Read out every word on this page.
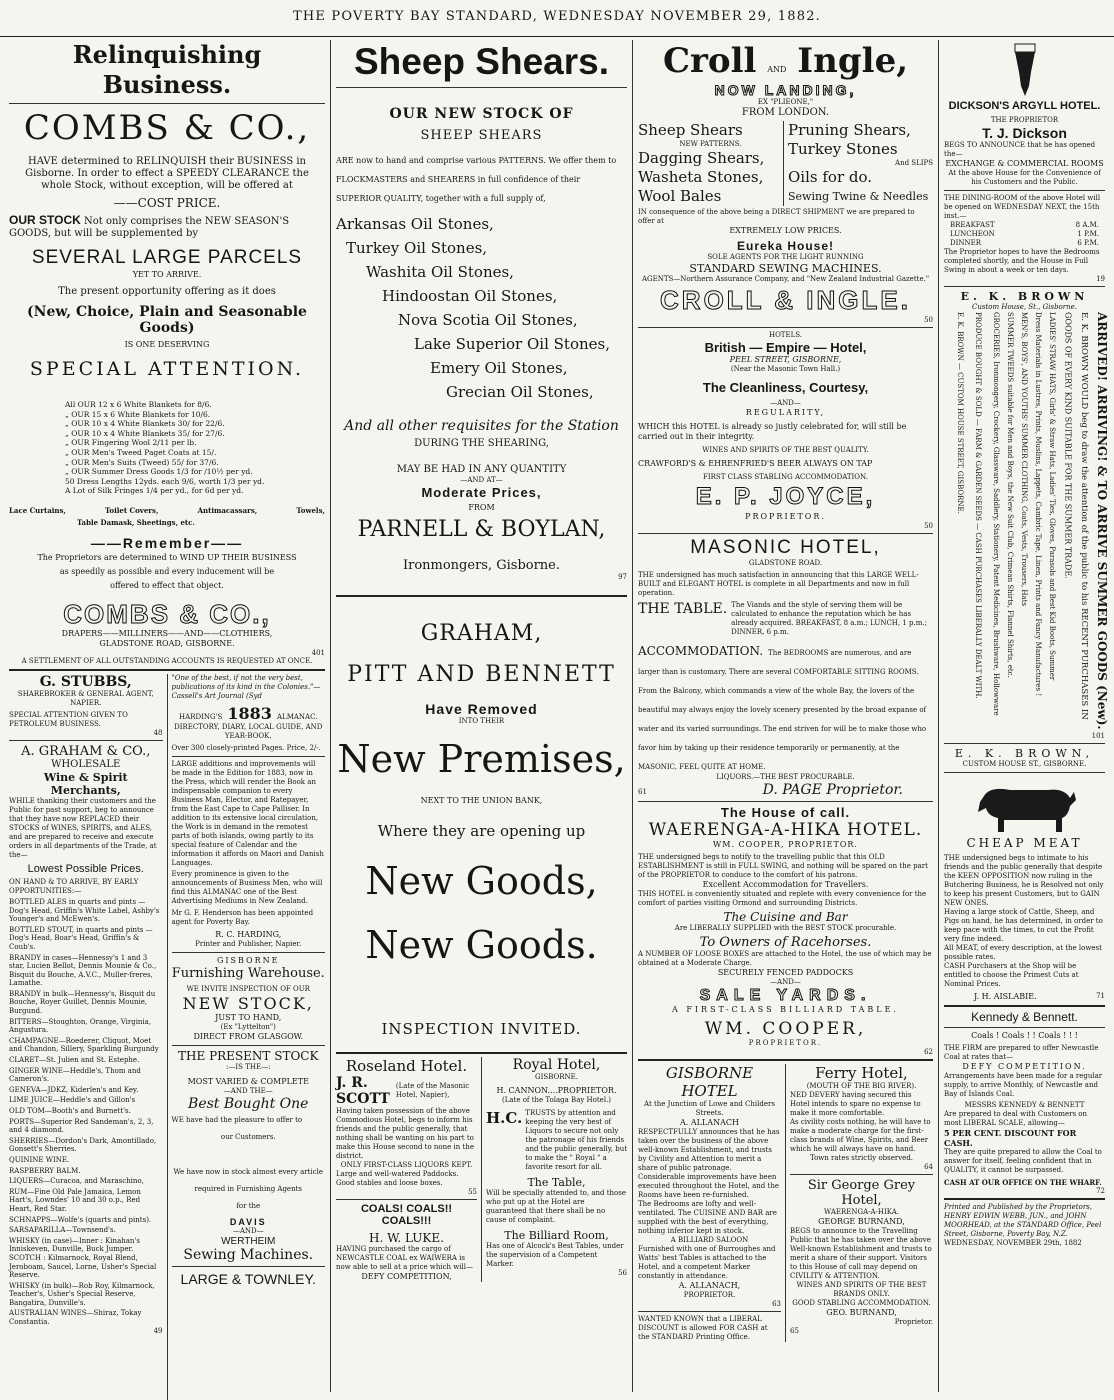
THE POVERTY BAY STANDARD, WEDNESDAY NOVEMBER 29, 1882.
Relinquishing Business.
COMBS & CO.,
HAVE determined to RELINQUISH their BUSINESS in Gisborne. In order to effect a SPEEDY CLEARANCE the whole Stock, without exception, will be offered at
——COST PRICE.
OUR STOCK Not only comprises the NEW SEASON'S GOODS, but will be supplemented by
SEVERAL LARGE PARCELS
YET TO ARRIVE.
The present opportunity offering as it does
(New, Choice, Plain and Seasonable Goods)
IS ONE DESERVING
SPECIAL ATTENTION.
All OUR 12 x 6 White Blankets for 8/6.
„ OUR 15 x 6 White Blankets for 10/6.
„ OUR 10 x 4 White Blankets 30/ for 22/6.
„ OUR 10 x 4 White Blankets 35/ for 27/6.
„ OUR Fingering Wool 2/11 per lb.
„ OUR Men's Tweed Paget Coats at 15/.
„ OUR Men's Suits (Tweed) 55/ for 37/6.
„ OUR Summer Dress Goods 1/3 for /10½ per yd.
50 Dress Lengths 12yds. each 9/6, worth 1/3 per yd.
A Lot of Silk Fringes 1/4 per yd., for 6d per yd.
Lace Curtains,	Toilet Covers,	Antimacassars,	Towels,
Table Damask, Sheetings, etc.
——Remember——
The Proprietors are determined to WIND UP THEIR BUSINESS
as speedily as possible and every inducement will be
offered to effect that object.
COMBS & CO.,
DRAPERS——MILLINERS——AND——CLOTHIERS,
GLADSTONE ROAD, GISBORNE.
401
A SETTLEMENT OF ALL OUTSTANDING ACCOUNTS IS REQUESTED AT ONCE.
G. STUBBS,
SHAREBROKER & GENERAL AGENT,
NAPIER.
SPECIAL ATTENTION GIVEN TO PETROLEUM BUSINESS.
48
A. GRAHAM & CO.,
WHOLESALE
Wine & Spirit Merchants,
WHILE thanking their customers and the Public for past support, beg to announce that they have now REPLACED their STOCKS of WINES, SPIRITS, and ALES, and are prepared to receive and execute orders in all departments of the Trade, at the—
Lowest Possible Prices.
ON HAND & TO ARRIVE, BY EARLY OPPORTUNITIES:—
BOTTLED ALES in quarts and pints —Dog's Head, Griffin's White Label, Ashby's Younger's and McEwen's.
BOTTLED STOUT, in quarts and pints —Dog's Head, Boar's Head, Griffin's & Coub's.
BRANDY in cases—Hennessy's 1 and 3 star, Lucien Bellot, Dennis Mounie & Co., Bisquit du Bouche, A.V.C., Muller-freres, Lamathe.
BRANDY in bulk—Hennessy's, Bisquit du Bouche, Royer Guillet, Dennis Mounie, Burgund.
BITTERS—Stoughton, Orange, Virginia, Angustura.
CHAMPAGNE—Roederer, Cliquot, Moet and Chandon, Sillery, Sparkling Burgundy
CLARET—St. Julien and St. Estephe.
GINGER WINE—Heddle's, Thom and Cameron's.
GENEVA—JDKZ, Kiderlen's and Key.
LIME JUICE—Heddle's and Gillon's
OLD TOM—Booth's and Burnett's.
PORTS—Superior Red Sandeman's, 2, 3, and 4 diamond.
SHERRIES—Dordon's Dark, Amontillado, Gonsett's Sherries.
QUININE WINE.
RASPBERRY BALM.
LIQUERS—Curacoa, and Maraschino,
RUM—Fine Old Pale Jamaica, Lemon Hart's, Lowndes' 10 and 30 o.p., Red Heart, Red Star.
SCHNAPPS—Wolfe's (quarts and pints).
SARSAPARILLA—Townsend's.
WHISKY (in case)—Inner : Kinahan's Inniskeven, Dunville, Buck Jumper. SCOTCH : Kilmarnock, Royal Blend, Jeroboam, Saucel, Lorne, Usher's Special Reserve.
WHISKY (in bulk)—Rob Roy, Kilmarnock, Teacher's, Usher's Special Reserve, Bangatira, Dunville's.
AUSTRALIAN WINES—Shiraz, Tokay Constantia.
49
"One of the best, if not the very best, publications of its kind in the Colonies."—Cassell's Art Journal (Syd
HARDING'S 1883 ALMANAC.
DIRECTORY, DIARY, LOCAL GUIDE, AND YEAR-BOOK.
Over 300 closely-printed Pages. Price, 2/-.
LARGE additions and improvements will be made in the Edition for 1883, now in the Press, which will render the Book an indispensable companion to every Business Man, Elector, and Ratepayer, from the East Cape to Cape Palliser. In addition to its extensive local circulation, the Work is in demand in the remotest parts of both islands, owing partly to its special feature of Calendar and the information it affords on Maori and Danish Languages.
Every prominence is given to the announcements of Business Men, who will find this ALMANAC one of the Best Advertising Mediums in New Zealand.
Mr G. F. Henderson has been appointed agent for Poverty Bay.
R. C. HARDING,
Printer and Publisher, Napier.
GISBORNE
Furnishing Warehouse.
WE INVITE INSPECTION OF OUR
NEW STOCK,
JUST TO HAND,
(Ex "Lyttelton")
DIRECT FROM GLASGOW.
THE PRESENT STOCK
:—IS THE—:
MOST VARIED & COMPLETE
—AND THE—
Best Bought One
WE have had the pleasure to offer to
our Customers.
We have now in stock almost every article
required in Furnishing Agents
for the
DAVIS
—AND—
WERTHEIM
Sewing Machines.
LARGE & TOWNLEY.
Sheep Shears.
OUR NEW STOCK OF
SHEEP SHEARS
ARE now to hand and comprise various PATTERNS. We offer them to FLOCKMASTERS and SHEARERS in full confidence of their SUPERIOR QUALITY, together with a full supply of,
Arkansas Oil Stones,
Turkey Oil Stones,
Washita Oil Stones,
Hindoostan Oil Stones,
Nova Scotia Oil Stones,
Lake Superior Oil Stones,
Emery Oil Stones,
Grecian Oil Stones,
And all other requisites for the Station
DURING THE SHEARING,
MAY BE HAD IN ANY QUANTITY
—AND AT—
Moderate Prices,
FROM
PARNELL & BOYLAN,
Ironmongers, Gisborne.
97
GRAHAM,
PITT AND BENNETT
Have Removed
INTO THEIR
New Premises,
NEXT TO THE UNION BANK,
Where they are opening up
New Goods,
New Goods.
INSPECTION INVITED.
Roseland Hotel.
J. R. SCOTT
(Late of the Masonic Hotel, Napier),
Having taken possession of the above Commodious Hotel, begs to inform his friends and the public generally, that nothing shall be wanting on his part to make this House second to none in the district.
ONLY FIRST-CLASS LIQUORS KEPT.
Large and well-watered Paddocks. Good stables and loose boxes.
55
COALS! COALS!! COALS!!!
H. W. LUKE.
HAVING purchased the cargo of NEWCASTLE COAL ex WAIWERA is now able to sell at a price which will—
DEFY COMPETITION,
Royal Hotel,
GISBORNE.
H. CANNON....PROPRIETOR.
(Late of the Tolaga Bay Hotel.)
H.C. TRUSTS by attention and keeping the very best of Liquors to secure not only the patronage of his friends and the public generally, but to make the " Royal " a favorite resort for all.
The Table,
Will be specially attended to, and those who put up at the Hotel are guaranteed that there shall be no cause of complaint.
The Billiard Room,
Has one of Alcock's Best Tables, under the supervision of a Competent Marker.
56
Croll AND Ingle,
NOW LANDING,
EX "PLIEONE,"
FROM LONDON.
Sheep Shears
NEW PATTERNS.
Dagging Shears,
Washeta Stones,
Wool Bales
Pruning Shears,
Turkey Stones
And SLIPS
Oils for do.
Sewing Twine & Needles
IN consequence of the above being a DIRECT SHIPMENT we are prepared to offer at
EXTREMELY LOW PRICES.
Eureka House!
SOLE AGENTS FOR THE LIGHT RUNNING
STANDARD SEWING MACHINES.
AGENTS—Northern Assurance Company, and "New Zealand Industrial Gazette."
CROLL & INGLE.
50
HOTELS.
British — Empire — Hotel,
PEEL STREET, GISBORNE,
(Near the Masonic Town Hall.)
The Cleanliness, Courtesy,
—AND—
REGULARITY,
WHICH this HOTEL is already so justly celebrated for, will still be carried out in their integrity.
WINES AND SPIRITS OF THE BEST QUALITY.
CRAWFORD'S & EHRENFRIED'S BEER ALWAYS ON TAP
FIRST CLASS STABLING ACCOMMODATION.
E. P. JOYCE,
PROPRIETOR.
50
MASONIC HOTEL,
GLADSTONE ROAD.
THE undersigned has much satisfaction in announcing that this LARGE WELL-BUILT and ELEGANT HOTEL is complete in all Departments and now in full operation.
THE TABLE. The Viands and the style of serving them will be calculated to enhance the reputation which he has already acquired. BREAKFAST, 8 a.m.; LUNCH, 1 p.m.; DINNER, 6 p.m.
ACCOMMODATION. The BEDROOMS are numerous, and are larger than is customary. There are several COMFORTABLE SITTING ROOMS. From the Balcony, which commands a view of the whole Bay, the lovers of the beautiful may always enjoy the lovely scenery presented by the broad expanse of water and its varied surroundings. The end striven for will be to make those who favor him by taking up their residence temporarily or permanently, at the MASONIC, FEEL QUITE AT HOME.
LIQUORS.—THE BEST PROCURABLE.
61	D. PAGE Proprietor.
The House of call.
WAERENGA-A-HIKA HOTEL.
WM. COOPER, PROPRIETOR.
THE undersigned begs to notify to the travelling public that this OLD ESTABLISHMENT is still in FULL SWING, and nothing will be spared on the part of the PROPRIETOR to conduce to the comfort of his patrons.
Excellent Accommodation for Travellers.
THIS HOTEL is conveniently situated and replete with every convenience for the comfort of parties visiting Ormond and surrounding Districts.
The Cuisine and Bar
Are LIBERALLY SUPPLIED with the BEST STOCK procurable.
To Owners of Racehorses.
A NUMBER OF LOOSE BOXES are attached to the Hotel, the use of which may be obtained at a Moderate Charge.
SECURELY FENCED PADDOCKS
—AND—
SALE YARDS.
A FIRST-CLASS BILLIARD TABLE.
WM. COOPER,
PROPRIETOR.
62
GISBORNE HOTEL
At the Junction of Lowe and Childers Streets.
A. ALLANACH
RESPECTFULLY announces that he has taken over the business of the above well-known Establishment, and trusts by Civility and Attention to merit a share of public patronage.
Considerable improvements have been executed throughout the Hotel, and the Rooms have been re-furnished.
The Bedrooms are lofty and well-ventilated. The CUISINE AND BAR are supplied with the best of everything, nothing inferior kept in stock.
A BILLIARD SALOON
Furnished with one of Burroughes and Watts' best Tables is attached to the Hotel, and a competent Marker constantly in attendance.
A. ALLANACH,
PROPRIETOR.
63
WANTED KNOWN that a LIBERAL DISCOUNT is allowed FOR CASH at the STANDARD Printing Office.
Ferry Hotel,
(MOUTH OF THE BIG RIVER).
NED DEVERY having secured this Hotel intends to spare no expense to make it more comfortable.
As civility costs nothing, he will have to make a moderate charge for the first-class brands of Wine, Spirits, and Beer which he will always have on hand.
Town rates strictly observed.
64
Sir George Grey Hotel,
WAERENGA-A-HIKA.
GEORGE BURNAND,
BEGS to announce to the Travelling Public that he has taken over the above Well-known Establishment and trusts to merit a share of their support. Visitors to this House of call may depend on CIVILITY & ATTENTION.
WINES AND SPIRITS OF THE BEST BRANDS ONLY.
GOOD STABLING ACCOMMODATION.
GEO. BURNAND,
Proprietor.
65
DICKSON'S ARGYLL HOTEL.
THE PROPRIETOR
T. J. Dickson
BEGS TO ANNOUNCE that he has opened the—
EXCHANGE & COMMERCIAL ROOMS
At the above House for the Convenience of his Customers and the Public.
THE DINING-ROOM of the above Hotel will be opened on WEDNESDAY NEXT, the 15th inst.—
BREAKFAST	8 A.M.
LUNCHEON	1 P.M.
DINNER	6 P.M.
The Proprietor hopes to have the Bedrooms completed shortly, and the House in Full Swing in about a week or ten days.
19
E. K. BROWN
Custom House, St., Gisborne.
ARRIVED! ARRIVING! & TO ARRIVE SUMMER GOODS (New).
E. K. BROWN WOULD beg to draw the attention of the public to his RECENT PURCHASES IN
GOODS OF EVERY KIND SUITABLE FOR THE SUMMER TRADE.
LADIES' STRAW HATS, Girls' & Straw Hats, Ladies' Ties, Gloves, Parasols and Best Kid Boots, Summer
Dress Materials in Lustres, Prints, Muslins, Lappets, Cambric Tape, Linen, Prints and Fancy Manufactures !
MEN'S, BOYS', AND YOUTHS' SUMMER CLOTHING, Coats, Vests, Trousers, Hats
SUMMER TWEEDS suitable for Men and Boys, the New Suit Club, Crimean Shirts, Flannel Shirts, etc.
GROCERIES, Ironmongery, Crockery, Glassware, Saddlery, Stationery, Patent Medicines, Brushware, Hollowware
PRODUCE BOUGHT & SOLD — FARM & GARDEN SEEDS — CASH PURCHASES LIBERALLY DEALT WITH.
E. K. BROWN — CUSTOM HOUSE STREET, GISBORNE.
101
E. K. BROWN,
CUSTOM HOUSE ST., GISBORNE.
CHEAP MEAT
THE undersigned begs to intimate to his friends and the public generally that despite the KEEN OPPOSITION now ruling in the Butchering Business, he is Resolved not only to keep his present Customers, but to GAIN NEW ONES.
Having a large stock of Cattle, Sheep, and Pigs on hand, he has determined, in order to keep pace with the times, to cut the Profit very fine indeed.
All MEAT, of every description, at the lowest possible rates.
CASH Purchasers at the Shop will be entitled to choose the Primest Cuts at Nominal Prices.
J. H. AISLABIE.	71
Kennedy & Bennett.
Coals ! Coals ! ! Coals ! ! !
THE FIRM are prepared to offer Newcastle Coal at rates that—
DEFY COMPETITION.
Arrangements have been made for a regular supply, to arrive Monthly, of Newcastle and Bay of Islands Coal.
MESSRS KENNEDY & BENNETT
Are prepared to deal with Customers on most LIBERAL SCALE, allowing—
5 PER CENT. DISCOUNT FOR CASH.
They are quite prepared to allow the Coal to answer for itself, feeling confident that in QUALITY, it cannot be surpassed.
CASH AT OUR OFFICE ON THE WHARF.
72
Printed and Published by the Proprietors, HENRY EDWIN WEBB, JUN., and JOHN MOORHEAD, at the STANDARD Office, Peel Street, Gisborne, Poverty Bay, N.Z.
WEDNESDAY, NOVEMBER 29th, 1882
